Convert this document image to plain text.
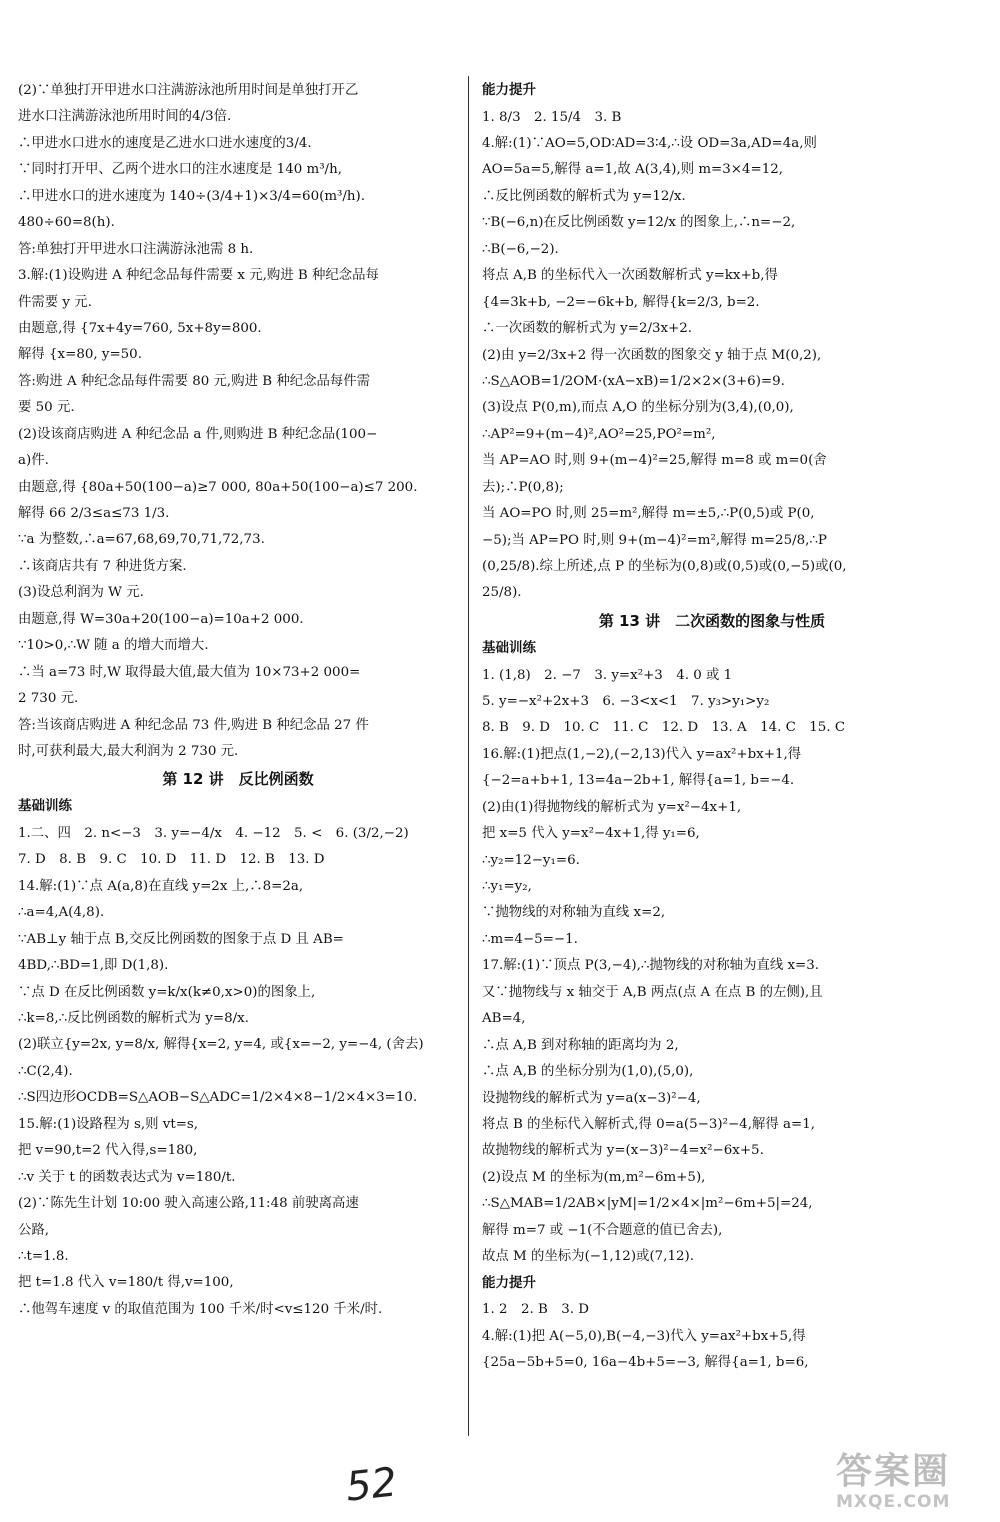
(2)∵单独打开甲进水口注满游泳池所用时间是单独打开乙

进水口注满游泳池所用时间的4/3倍.

∴甲进水口进水的速度是乙进水口进水速度的3/4.

∵同时打开甲、乙两个进水口的注水速度是 140 m³/h,

∴甲进水口的进水速度为 140÷(3/4+1)×3/4=60(m³/h).

480÷60=8(h).

答:单独打开甲进水口注满游泳池需 8 h.

3.解:(1)设购进 A 种纪念品每件需要 x 元,购进 B 种纪念品每

件需要 y 元.

由题意,得 {7x+4y=760, 5x+8y=800.

解得 {x=80, y=50.

答:购进 A 种纪念品每件需要 80 元,购进 B 种纪念品每件需

要 50 元.

(2)设该商店购进 A 种纪念品 a 件,则购进 B 种纪念品(100−

a)件.

由题意,得 {80a+50(100−a)≥7 000, 80a+50(100−a)≤7 200.

解得 66 2/3≤a≤73 1/3.

∵a 为整数,∴a=67,68,69,70,71,72,73.

∴该商店共有 7 种进货方案.

(3)设总利润为 W 元.

由题意,得 W=30a+20(100−a)=10a+2 000.

∵10>0,∴W 随 a 的增大而增大.

∴当 a=73 时,W 取得最大值,最大值为 10×73+2 000=

2 730 元.

答:当该商店购进 A 种纪念品 73 件,购进 B 种纪念品 27 件

时,可获利最大,最大利润为 2 730 元.

第 12 讲　反比例函数

基础训练

1.二、四　2. n<−3　3. y=−4/x　4. −12　5. <　6. (3/2,−2)

7. D　8. B　9. C　10. D　11. D　12. B　13. D

14.解:(1)∵点 A(a,8)在直线 y=2x 上,∴8=2a,

∴a=4,A(4,8).

∵AB⊥y 轴于点 B,交反比例函数的图象于点 D 且 AB=

4BD,∴BD=1,即 D(1,8).

∵点 D 在反比例函数 y=k/x(k≠0,x>0)的图象上,

∴k=8,∴反比例函数的解析式为 y=8/x.

(2)联立{y=2x, y=8/x, 解得{x=2, y=4, 或{x=−2, y=−4, (舍去)

∴C(2,4).

∴S四边形OCDB=S△AOB−S△ADC=1/2×4×8−1/2×4×3=10.

15.解:(1)设路程为 s,则 vt=s,

把 v=90,t=2 代入得,s=180,

∴v 关于 t 的函数表达式为 v=180/t.

(2)∵陈先生计划 10:00 驶入高速公路,11:48 前驶离高速

公路,

∴t=1.8.

把 t=1.8 代入 v=180/t 得,v=100,

∴他驾车速度 v 的取值范围为 100 千米/时<v≤120 千米/时.

能力提升

1. 8/3　2. 15/4　3. B

4.解:(1)∵AO=5,OD∶AD=3∶4,∴设 OD=3a,AD=4a,则

AO=5a=5,解得 a=1,故 A(3,4),则 m=3×4=12,

∴反比例函数的解析式为 y=12/x.

∵B(−6,n)在反比例函数 y=12/x 的图象上,∴n=−2,

∴B(−6,−2).

将点 A,B 的坐标代入一次函数解析式 y=kx+b,得

{4=3k+b, −2=−6k+b, 解得{k=2/3, b=2.

∴一次函数的解析式为 y=2/3x+2.

(2)由 y=2/3x+2 得一次函数的图象交 y 轴于点 M(0,2),

∴S△AOB=1/2OM·(xA−xB)=1/2×2×(3+6)=9.

(3)设点 P(0,m),而点 A,O 的坐标分别为(3,4),(0,0),

∴AP²=9+(m−4)²,AO²=25,PO²=m²,

当 AP=AO 时,则 9+(m−4)²=25,解得 m=8 或 m=0(舍

去);∴P(0,8);

当 AO=PO 时,则 25=m²,解得 m=±5,∴P(0,5)或 P(0,

−5);当 AP=PO 时,则 9+(m−4)²=m²,解得 m=25/8,∴P

(0,25/8).综上所述,点 P 的坐标为(0,8)或(0,5)或(0,−5)或(0,

25/8).

第 13 讲　二次函数的图象与性质

基础训练

1. (1,8)　2. −7　3. y=x²+3　4. 0 或 1

5. y=−x²+2x+3　6. −3<x<1　7. y₃>y₁>y₂

8. B　9. D　10. C　11. C　12. D　13. A　14. C　15. C

16.解:(1)把点(1,−2),(−2,13)代入 y=ax²+bx+1,得

{−2=a+b+1, 13=4a−2b+1, 解得{a=1, b=−4.

(2)由(1)得抛物线的解析式为 y=x²−4x+1,

把 x=5 代入 y=x²−4x+1,得 y₁=6,

∴y₂=12−y₁=6.

∴y₁=y₂,

∵抛物线的对称轴为直线 x=2,

∴m=4−5=−1.

17.解:(1)∵顶点 P(3,−4),∴抛物线的对称轴为直线 x=3.

又∵抛物线与 x 轴交于 A,B 两点(点 A 在点 B 的左侧),且

AB=4,

∴点 A,B 到对称轴的距离均为 2,

∴点 A,B 的坐标分别为(1,0),(5,0),

设抛物线的解析式为 y=a(x−3)²−4,

将点 B 的坐标代入解析式,得 0=a(5−3)²−4,解得 a=1,

故抛物线的解析式为 y=(x−3)²−4=x²−6x+5.

(2)设点 M 的坐标为(m,m²−6m+5),

∴S△MAB=1/2AB×|yM|=1/2×4×|m²−6m+5|=24,

解得 m=7 或 −1(不合题意的值已舍去),

故点 M 的坐标为(−1,12)或(7,12).

能力提升

1. 2　2. B　3. D

4.解:(1)把 A(−5,0),B(−4,−3)代入 y=ax²+bx+5,得

{25a−5b+5=0, 16a−4b+5=−3, 解得{a=1, b=6,

52	答案圈
MXQE.COM
